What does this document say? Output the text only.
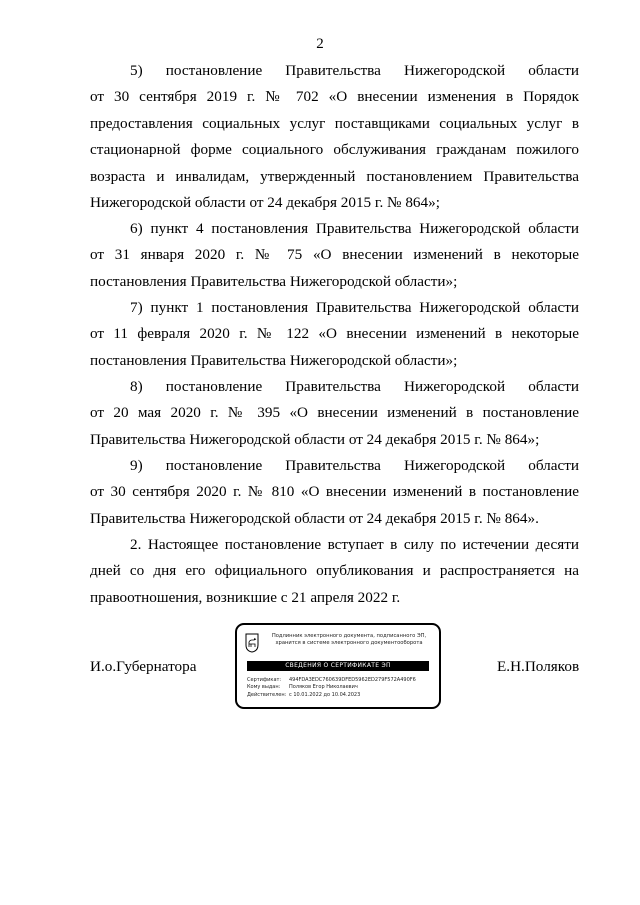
2
5) постановление Правительства Нижегородской области
от 30 сентября 2019 г. № 702 «О внесении изменения в Порядок
предоставления социальных услуг поставщиками социальных услуг в
стационарной форме социального обслуживания гражданам пожилого
возраста и инвалидам, утвержденный постановлением Правительства
Нижегородской области от 24 декабря 2015 г. № 864»;
6) пункт 4 постановления Правительства Нижегородской области
от 31 января 2020 г. № 75 «О внесении изменений в некоторые
постановления Правительства Нижегородской области»;
7) пункт 1 постановления Правительства Нижегородской области
от 11 февраля 2020 г. № 122 «О внесении изменений в некоторые
постановления Правительства Нижегородской области»;
8) постановление Правительства Нижегородской области
от 20 мая 2020 г. № 395 «О внесении изменений в постановление
Правительства Нижегородской области от 24 декабря 2015 г. № 864»;
9) постановление Правительства Нижегородской области
от 30 сентября 2020 г. № 810 «О внесении изменений в постановление
Правительства Нижегородской области от 24 декабря 2015 г. № 864».
2. Настоящее постановление вступает в силу по истечении десяти
дней со дня его официального опубликования и распространяется на
правоотношения, возникшие с 21 апреля 2022 г.
И.о.Губернатора	Е.Н.Поляков
Подлинник электронного документа, подписанного ЭП, хранится в системе электронного документооборота
СВЕДЕНИЯ О СЕРТИФИКАТЕ ЭП
Сертификат: 494FDA3EDC760639DFED5962ED279F572A490F6
Кому выдан: Поляков Егор Николаевич
Действителен: с 10.01.2022 до 10.04.2023
